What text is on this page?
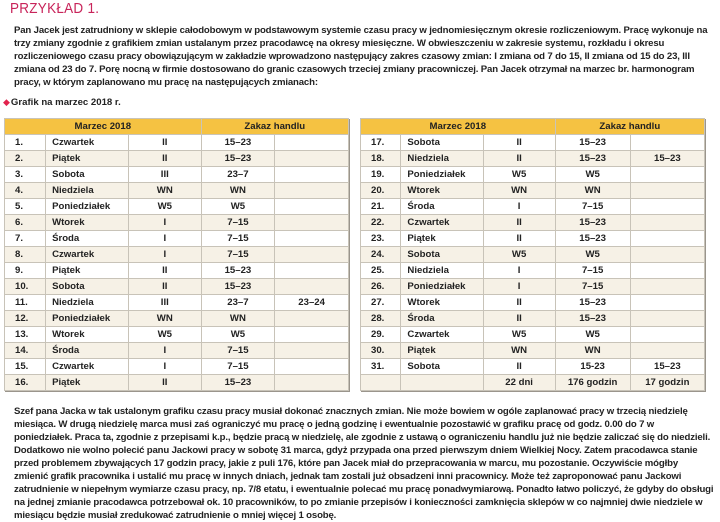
PRZYKŁAD 1.
Pan Jacek jest zatrudniony w sklepie całodobowym w podstawowym systemie czasu pracy w jednomiesięcznym okresie rozliczeniowym. Pracę wykonuje na trzy zmiany zgodnie z grafikiem zmian ustalanym przez pracodawcę na okresy miesięczne. W obwieszczeniu w zakresie systemu, rozkładu i okresu rozliczeniowego czasu pracy obowiązującym w zakładzie wprowadzono następujący zakres czasowy zmian: I zmiana od 7 do 15, II zmiana od 15 do 23, III zmiana od 23 do 7. Porę nocną w firmie dostosowano do granic czasowych trzeciej zmiany pracowniczej. Pan Jacek otrzymał na marzec br. harmonogram pracy, w którym zaplanowano mu pracę na następujących zmianach:
◆Grafik na marzec 2018 r.
Marzec 2018			Zakaz handlu	
1.	Czwartek	II	15–23	
2.	Piątek	II	15–23	
3.	Sobota	III	23–7	
4.	Niedziela	WN	WN	
5.	Poniedziałek	W5	W5	
6.	Wtorek	I	7–15	
7.	Środa	I	7–15	
8.	Czwartek	I	7–15	
9.	Piątek	II	15–23	
10.	Sobota	II	15–23	
11.	Niedziela	III	23–7	23–24
12.	Poniedziałek	WN	WN	
13.	Wtorek	W5	W5	
14.	Środa	I	7–15	
15.	Czwartek	I	7–15	
16.	Piątek	II	15–23	
Marzec 2018			Zakaz handlu	
17.	Sobota	II	15–23	
18.	Niedziela	II	15–23	15–23
19.	Poniedziałek	W5	W5	
20.	Wtorek	WN	WN	
21.	Środa	I	7–15	
22.	Czwartek	II	15–23	
23.	Piątek	II	15–23	
24.	Sobota	W5	W5	
25.	Niedziela	I	7–15	
26.	Poniedziałek	I	7–15	
27.	Wtorek	II	15–23	
28.	Środa	II	15–23	
29.	Czwartek	W5	W5	
30.	Piątek	WN	WN	
31.	Sobota	II	15-23	15–23
		22 dni	176 godzin	17 godzin
Szef pana Jacka w tak ustalonym grafiku czasu pracy musiał dokonać znacznych zmian. Nie może bowiem w ogóle zaplanować pracy w trzecią niedzielę miesiąca. W drugą niedzielę marca musi zaś ograniczyć mu pracę o jedną godzinę i ewentualnie pozostawić w grafiku pracę od godz. 0.00 do 7 w poniedziałek. Praca ta, zgodnie z przepisami k.p., będzie pracą w niedzielę, ale zgodnie z ustawą o ograniczeniu handlu już nie będzie zaliczać się do niedzieli. Dodatkowo nie wolno polecić panu Jackowi pracy w sobotę 31 marca, gdyż przypada ona przed pierwszym dniem Wielkiej Nocy. Zatem pracodawca stanie przed problemem zbywających 17 godzin pracy, jakie z puli 176, które pan Jacek miał do przepracowania w marcu, mu pozostanie. Oczywiście mógłby zmienić grafik pracownika i ustalić mu pracę w innych dniach, jednak tam zostali już obsadzeni inni pracownicy. Może też zaproponować panu Jackowi zatrudnienie w niepełnym wymiarze czasu pracy, np. 7/8 etatu, i ewentualnie polecać mu pracę ponadwymiarową. Ponadto łatwo policzyć, że gdyby do obsługi na jednej zmianie pracodawca potrzebował ok. 10 pracowników, to po zmianie przepisów i konieczności zamknięcia sklepów w co najmniej dwie niedziele w miesiącu będzie musiał zredukować zatrudnienie o mniej więcej 1 osobę.
